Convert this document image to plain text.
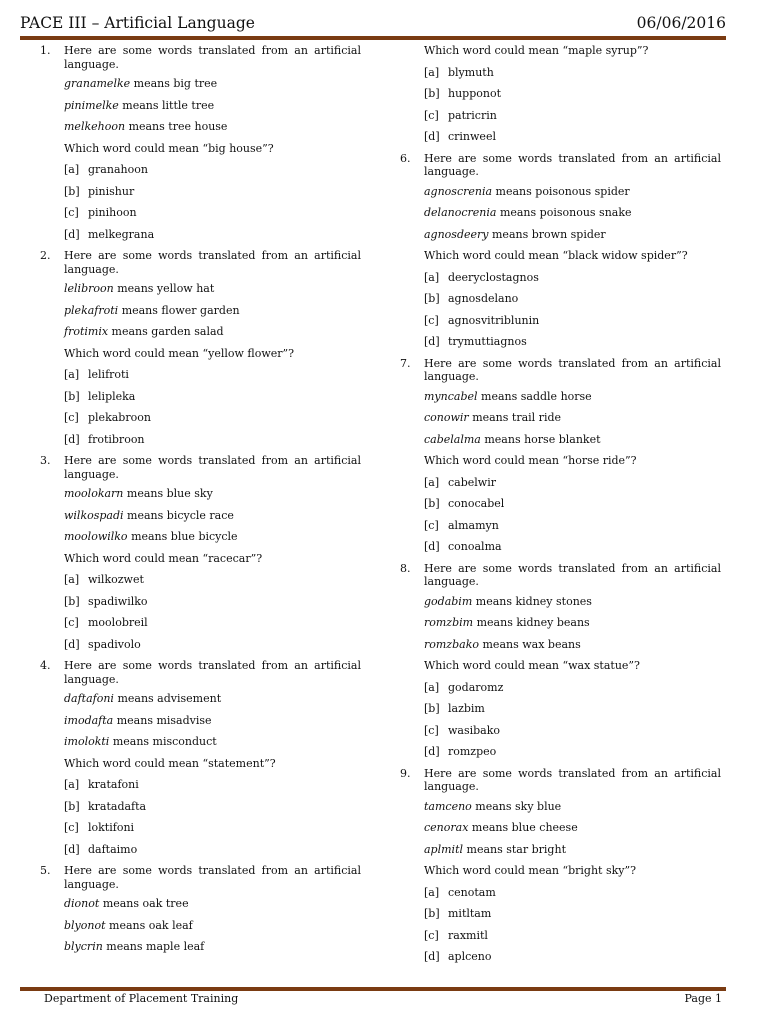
PACE III – Artificial Language	06/06/2016
1.	Here are some words translated from an artificial language.
granamelke means big tree
pinimelke means little tree
melkehoon means tree house
Which word could mean “big house”?
[a] granahoon
[b] pinishur
[c] pinihoon
[d] melkegrana
2.	Here are some words translated from an artificial language.
lelibroon means yellow hat
plekafroti means flower garden
frotimix means garden salad
Which word could mean “yellow flower”?
[a] lelifroti
[b] lelipleka
[c] plekabroon
[d] frotibroon
3.	Here are some words translated from an artificial language.
moolokarn means blue sky
wilkospadi means bicycle race
moolowilko means blue bicycle
Which word could mean “racecar”?
[a] wilkozwet
[b] spadiwilko
[c] moolobreil
[d] spadivolo
4.	Here are some words translated from an artificial language.
daftafoni means advisement
imodafta means misadvise
imolokti means misconduct
Which word could mean “statement”?
[a] kratafoni
[b] kratadafta
[c] loktifoni
[d] daftaimo
5.	Here are some words translated from an artificial language.
dionot means oak tree
blyonot means oak leaf
blycrin means maple leaf
Which word could mean “maple syrup”?
[a] blymuth
[b] hupponot
[c] patricrin
[d] crinweel
6.	Here are some words translated from an artificial language.
agnoscrenia means poisonous spider
delanocrenia means poisonous snake
agnosdeery means brown spider
Which word could mean “black widow spider”?
[a] deeryclostagnos
[b] agnosdelano
[c] agnosvitriblunin
[d] trymuttiagnos
7.	Here are some words translated from an artificial language.
myncabel means saddle horse
conowir means trail ride
cabelalma means horse blanket
Which word could mean “horse ride”?
[a] cabelwir
[b] conocabel
[c] almamyn
[d] conoalma
8.	Here are some words translated from an artificial language.
godabim means kidney stones
romzbim means kidney beans
romzbako means wax beans
Which word could mean “wax statue”?
[a] godaromz
[b] lazbim
[c] wasibako
[d] romzpeo
9.	Here are some words translated from an artificial language.
tamceno means sky blue
cenorax means blue cheese
aplmitl means star bright
Which word could mean “bright sky”?
[a] cenotam
[b] mitltam
[c] raxmitl
[d] aplceno
Department of Placement Training	Page 1
